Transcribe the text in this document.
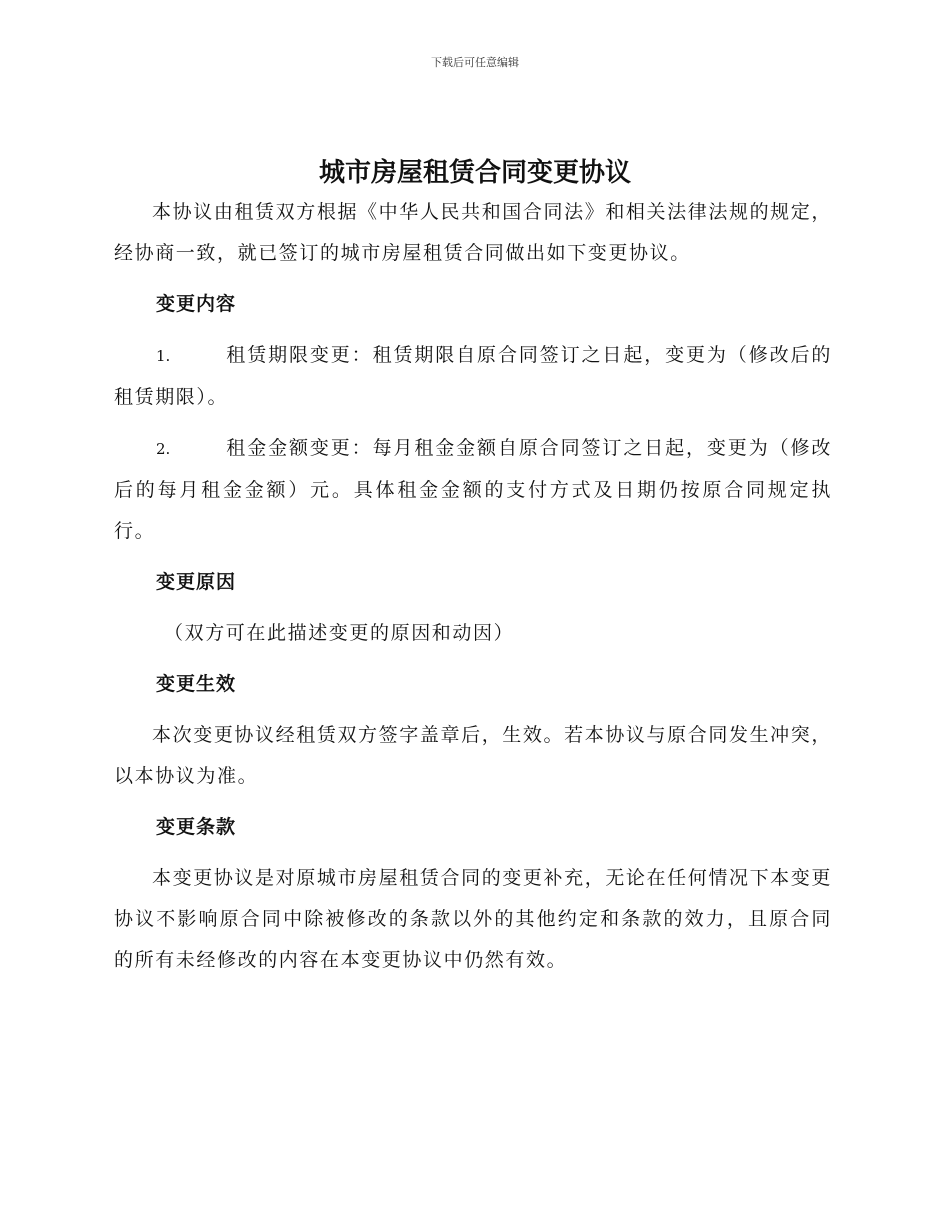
下载后可任意编辑
城市房屋租赁合同变更协议

本协议由租赁双方根据《中华人民共和国合同法》和相关法律法规的规定，经协商一致，就已签订的城市房屋租赁合同做出如下变更协议。

变更内容

1.	租赁期限变更：租赁期限自原合同签订之日起，变更为（修改后的租赁期限）。

2.	租金金额变更：每月租金金额自原合同签订之日起，变更为（修改后的每月租金金额）元。具体租金金额的支付方式及日期仍按原合同规定执行。

变更原因

（双方可在此描述变更的原因和动因）

变更生效

本次变更协议经租赁双方签字盖章后，生效。若本协议与原合同发生冲突，以本协议为准。

变更条款

本变更协议是对原城市房屋租赁合同的变更补充，无论在任何情况下本变更协议不影响原合同中除被修改的条款以外的其他约定和条款的效力，且原合同的所有未经修改的内容在本变更协议中仍然有效。
